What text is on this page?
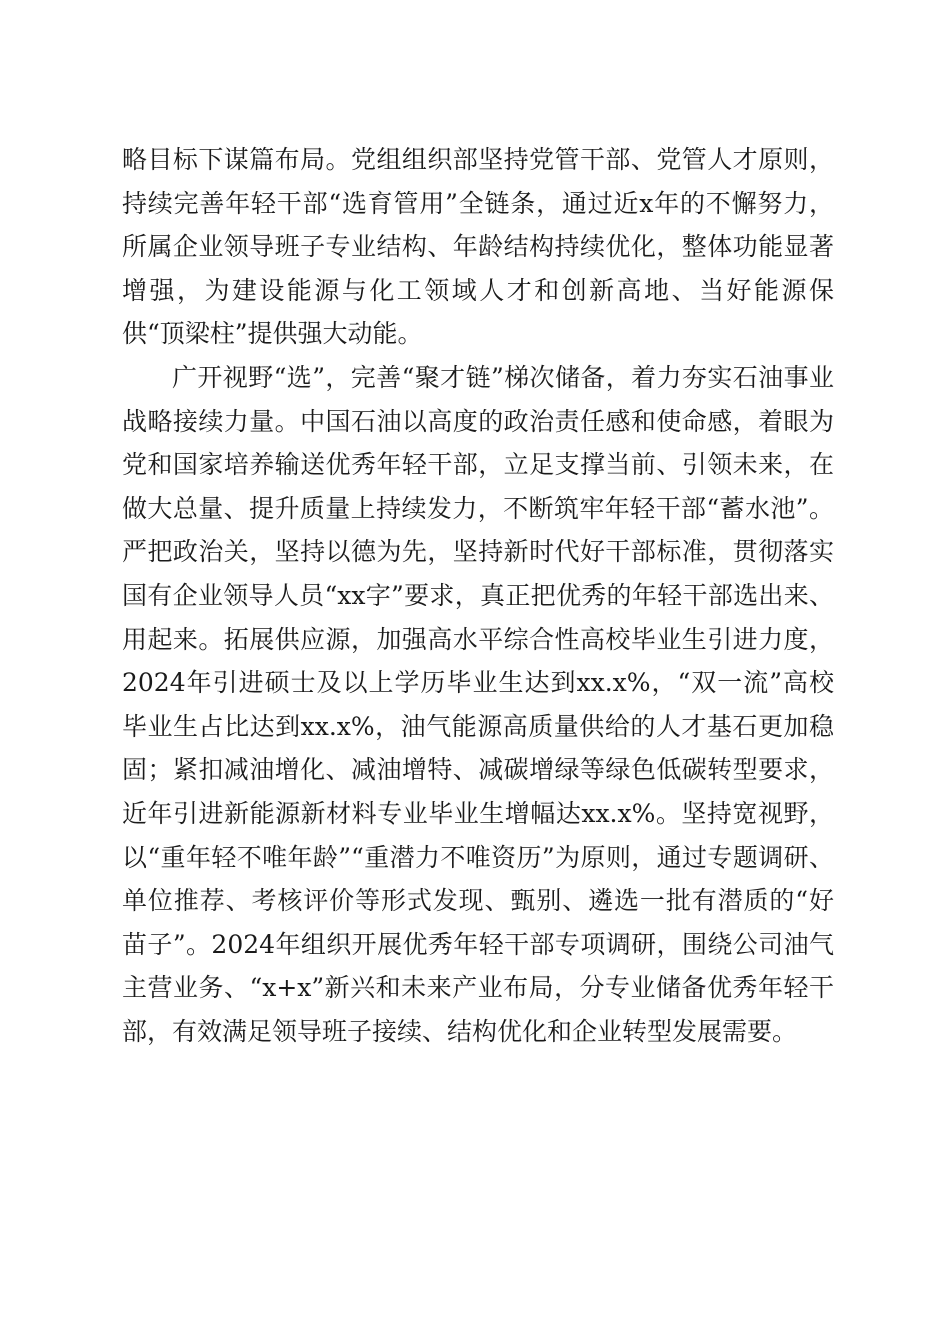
略目标下谋篇布局。党组组织部坚持党管干部、党管人才原则，持续完善年轻干部“选育管用”全链条，通过近x年的不懈努力，所属企业领导班子专业结构、年龄结构持续优化，整体功能显著增强，为建设能源与化工领域人才和创新高地、当好能源保供“顶梁柱”提供强大动能。

广开视野“选”，完善“聚才链”梯次储备，着力夯实石油事业战略接续力量。中国石油以高度的政治责任感和使命感，着眼为党和国家培养输送优秀年轻干部，立足支撑当前、引领未来，在做大总量、提升质量上持续发力，不断筑牢年轻干部“蓄水池”。严把政治关，坚持以德为先，坚持新时代好干部标准，贯彻落实国有企业领导人员“xx字”要求，真正把优秀的年轻干部选出来、用起来。拓展供应源，加强高水平综合性高校毕业生引进力度，2024年引进硕士及以上学历毕业生达到xx.x%，“双一流”高校毕业生占比达到xx.x%，油气能源高质量供给的人才基石更加稳固；紧扣减油增化、减油增特、减碳增绿等绿色低碳转型要求，近年引进新能源新材料专业毕业生增幅达xx.x%。坚持宽视野，以“重年轻不唯年龄”“重潜力不唯资历”为原则，通过专题调研、单位推荐、考核评价等形式发现、甄别、遴选一批有潜质的“好苗子”。2024年组织开展优秀年轻干部专项调研，围绕公司油气主营业务、“x+x”新兴和未来产业布局，分专业储备优秀年轻干部，有效满足领导班子接续、结构优化和企业转型发展需要。
